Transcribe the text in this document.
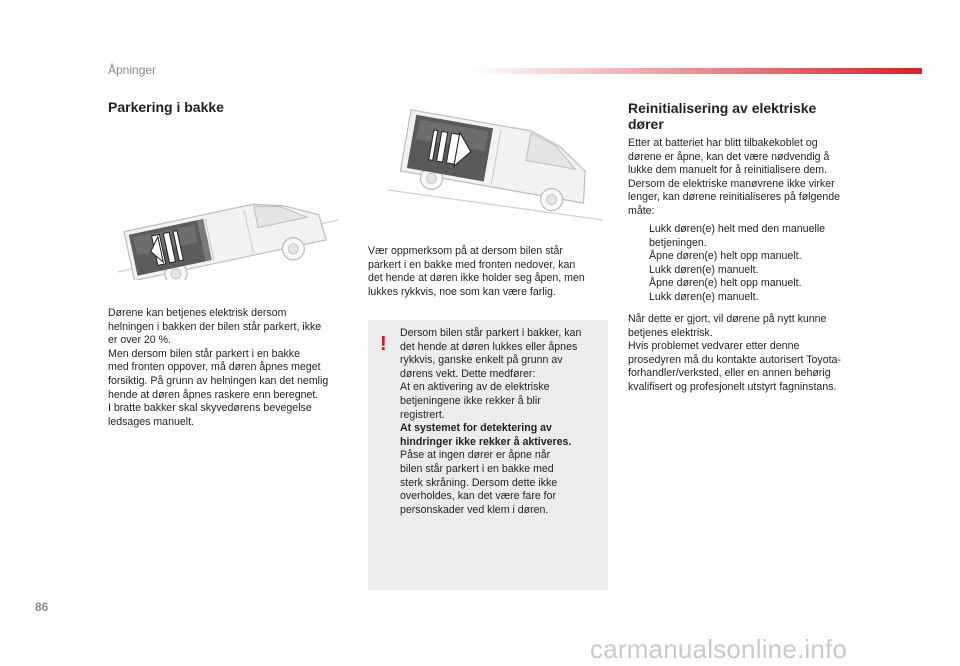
Åpninger
Parkering i bakke
Dørene kan betjenes elektrisk dersom
helningen i bakken der bilen står parkert, ikke
er over 20 %.
Men dersom bilen står parkert i en bakke
med fronten oppover, må døren åpnes meget
forsiktig. På grunn av helningen kan det nemlig
hende at døren åpnes raskere enn beregnet.
I bratte bakker skal skyvedørens bevegelse
ledsages manuelt.
Vær oppmerksom på at dersom bilen står
parkert i en bakke med fronten nedover, kan
det hende at døren ikke holder seg åpen, men
lukkes rykkvis, noe som kan være farlig.
! Dersom bilen står parkert i bakker, kan
det hende at døren lukkes eller åpnes
rykkvis, ganske enkelt på grunn av
dørens vekt. Dette medfører:
At en aktivering av de elektriske
betjeningene ikke rekker å blir
registrert.
At systemet for detektering av
hindringer ikke rekker å aktiveres.
Påse at ingen dører er åpne når
bilen står parkert i en bakke med
sterk skråning. Dersom dette ikke
overholdes, kan det være fare for
personskader ved klem i døren.
Reinitialisering av elektriske
dører
Etter at batteriet har blitt tilbakekoblet og
dørene er åpne, kan det være nødvendig å
lukke dem manuelt for å reinitialisere dem.
Dersom de elektriske manøvrene ikke virker
lenger, kan dørene reinitialiseres på følgende
måte:
Lukk døren(e) helt med den manuelle betjeningen.
Åpne døren(e) helt opp manuelt.
Lukk døren(e) manuelt.
Åpne døren(e) helt opp manuelt.
Lukk døren(e) manuelt.
Når dette er gjort, vil dørene på nytt kunne
betjenes elektrisk.
Hvis problemet vedvarer etter denne
prosedyren må du kontakte autorisert Toyota-
forhandler/verksted, eller en annen behørig
kvalifisert og profesjonelt utstyrt fagninstans.
86
carmanualsonline.info
